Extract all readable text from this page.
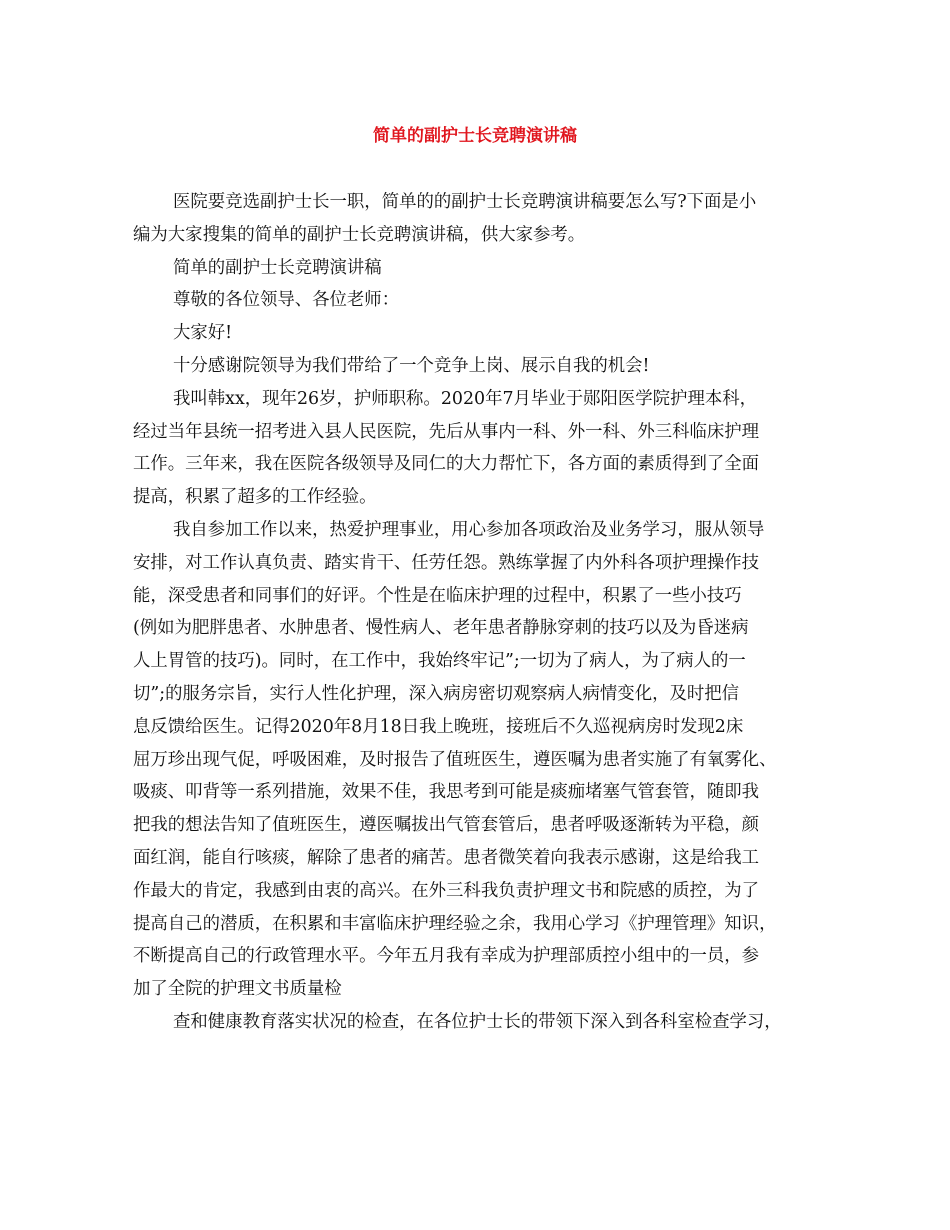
简单的副护士长竞聘演讲稿
医院要竞选副护士长一职，简单的的副护士长竞聘演讲稿要怎么写?下面是小
编为大家搜集的简单的副护士长竞聘演讲稿，供大家参考。
简单的副护士长竞聘演讲稿
尊敬的各位领导、各位老师：
大家好!
十分感谢院领导为我们带给了一个竞争上岗、展示自我的机会!
我叫韩xx，现年26岁，护师职称。2020年7月毕业于郧阳医学院护理本科，
经过当年县统一招考进入县人民医院，先后从事内一科、外一科、外三科临床护理
工作。三年来，我在医院各级领导及同仁的大力帮忙下，各方面的素质得到了全面
提高，积累了超多的工作经验。
我自参加工作以来，热爱护理事业，用心参加各项政治及业务学习，服从领导
安排，对工作认真负责、踏实肯干、任劳任怨。熟练掌握了内外科各项护理操作技
能，深受患者和同事们的好评。个性是在临床护理的过程中，积累了一些小技巧
(例如为肥胖患者、水肿患者、慢性病人、老年患者静脉穿刺的技巧以及为昏迷病
人上胃管的技巧)。同时，在工作中，我始终牢记”;一切为了病人，为了病人的一
切”;的服务宗旨，实行人性化护理，深入病房密切观察病人病情变化，及时把信
息反馈给医生。记得2020年8月18日我上晚班，接班后不久巡视病房时发现2床
屈万珍出现气促，呼吸困难，及时报告了值班医生，遵医嘱为患者实施了有氧雾化、
吸痰、叩背等一系列措施，效果不佳，我思考到可能是痰痂堵塞气管套管，随即我
把我的想法告知了值班医生，遵医嘱拔出气管套管后，患者呼吸逐渐转为平稳，颜
面红润，能自行咳痰，解除了患者的痛苦。患者微笑着向我表示感谢，这是给我工
作最大的肯定，我感到由衷的高兴。在外三科我负责护理文书和院感的质控，为了
提高自己的潜质，在积累和丰富临床护理经验之余，我用心学习《护理管理》知识，
不断提高自己的行政管理水平。今年五月我有幸成为护理部质控小组中的一员，参
加了全院的护理文书质量检
查和健康教育落实状况的检查，在各位护士长的带领下深入到各科室检查学习，
